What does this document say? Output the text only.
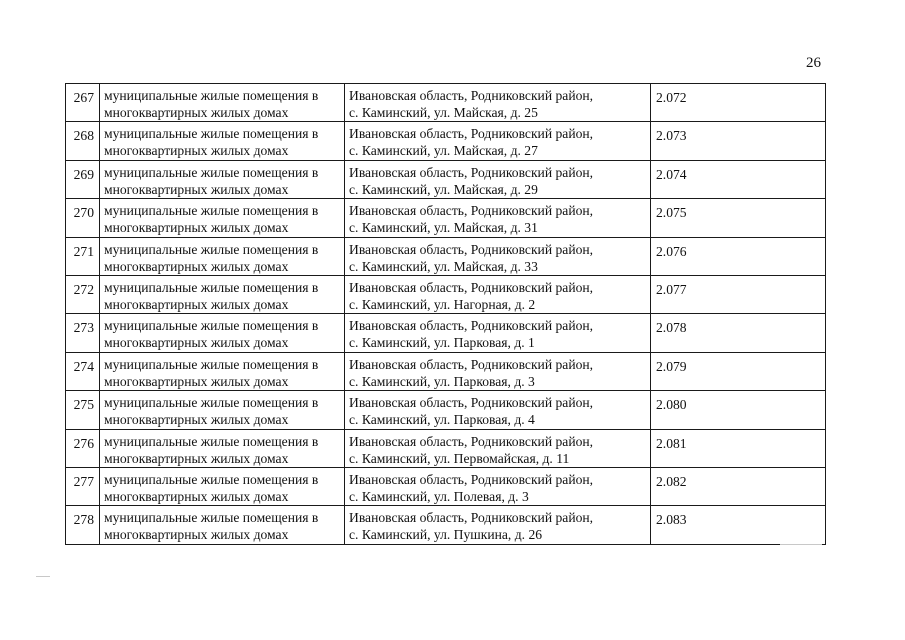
26
267	муниципальные жилые помещения в
многоквартирных жилых домах	Ивановская область, Родниковский район,
с. Каминский, ул. Майская, д. 25	2.072
268	муниципальные жилые помещения в
многоквартирных жилых домах	Ивановская область, Родниковский район,
с. Каминский, ул. Майская, д. 27	2.073
269	муниципальные жилые помещения в
многоквартирных жилых домах	Ивановская область, Родниковский район,
с. Каминский, ул. Майская, д. 29	2.074
270	муниципальные жилые помещения в
многоквартирных жилых домах	Ивановская область, Родниковский район,
с. Каминский, ул. Майская, д. 31	2.075
271	муниципальные жилые помещения в
многоквартирных жилых домах	Ивановская область, Родниковский район,
с. Каминский, ул. Майская, д. 33	2.076
272	муниципальные жилые помещения в
многоквартирных жилых домах	Ивановская область, Родниковский район,
с. Каминский, ул. Нагорная, д. 2	2.077
273	муниципальные жилые помещения в
многоквартирных жилых домах	Ивановская область, Родниковский район,
с. Каминский, ул. Парковая, д. 1	2.078
274	муниципальные жилые помещения в
многоквартирных жилых домах	Ивановская область, Родниковский район,
с. Каминский, ул. Парковая, д. 3	2.079
275	муниципальные жилые помещения в
многоквартирных жилых домах	Ивановская область, Родниковский район,
с. Каминский, ул. Парковая, д. 4	2.080
276	муниципальные жилые помещения в
многоквартирных жилых домах	Ивановская область, Родниковский район,
с. Каминский, ул. Первомайская, д. 11	2.081
277	муниципальные жилые помещения в
многоквартирных жилых домах	Ивановская область, Родниковский район,
с. Каминский, ул. Полевая, д. 3	2.082
278	муниципальные жилые помещения в
многоквартирных жилых домах	Ивановская область, Родниковский район,
с. Каминский, ул. Пушкина, д. 26	2.083
